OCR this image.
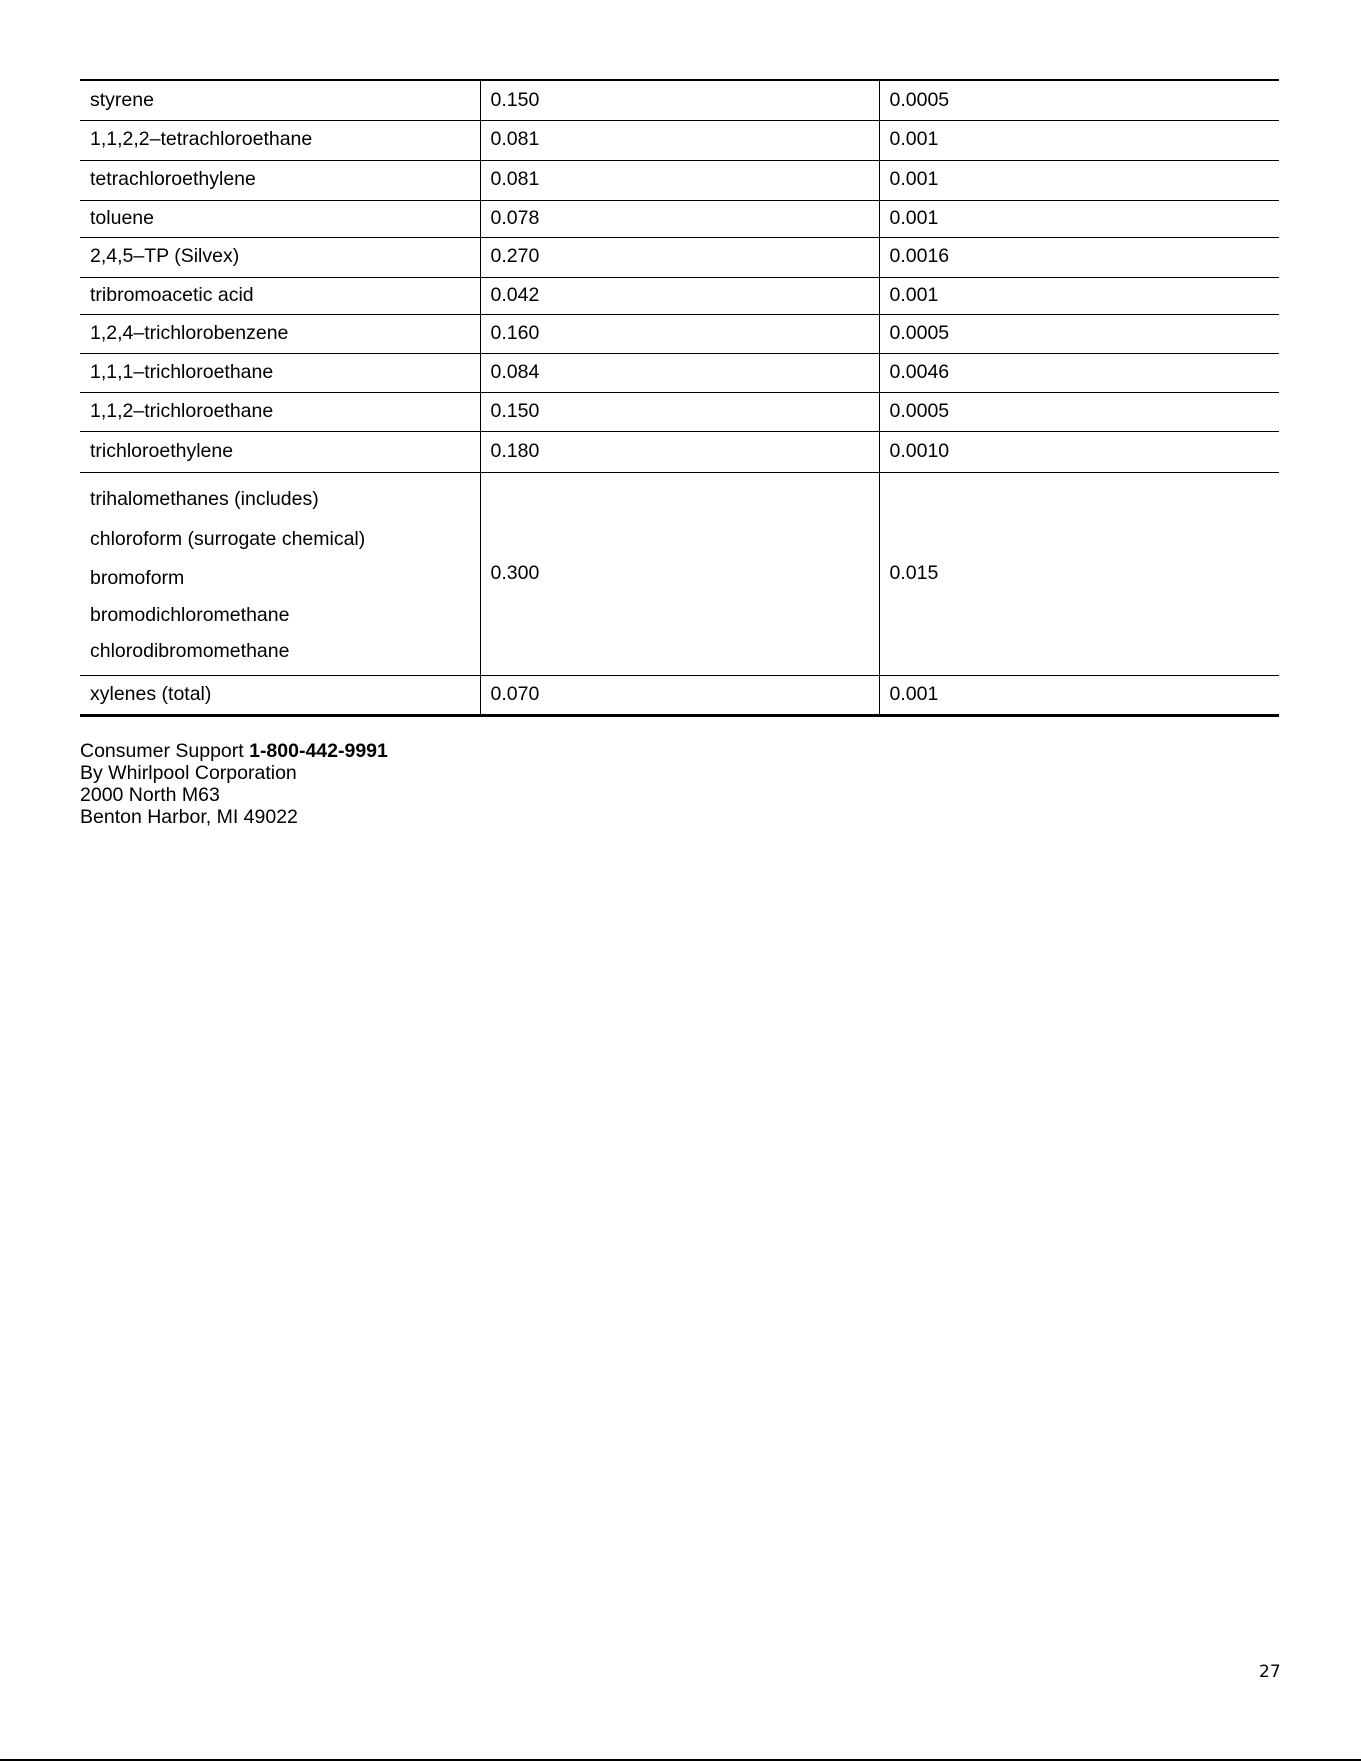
styrene	0.150	0.0005
1,1,2,2–tetrachloroethane	0.081	0.001
tetrachloroethylene	0.081	0.001
toluene	0.078	0.001
2,4,5–TP (Silvex)	0.270	0.0016
tribromoacetic acid	0.042	0.001
1,2,4–trichlorobenzene	0.160	0.0005
1,1,1–trichloroethane	0.084	0.0046
1,1,2–trichloroethane	0.150	0.0005
trichloroethylene	0.180	0.0010

trihalomethanes (includes)
chloroform (surrogate chemical)
bromoform
bromodichloromethane
chlorodibromomethane	0.300	0.015
xylenes (total)	0.070	0.001
Consumer Support 1-800-442-9991
By Whirlpool Corporation
2000 North M63
Benton Harbor, MI 49022
27
